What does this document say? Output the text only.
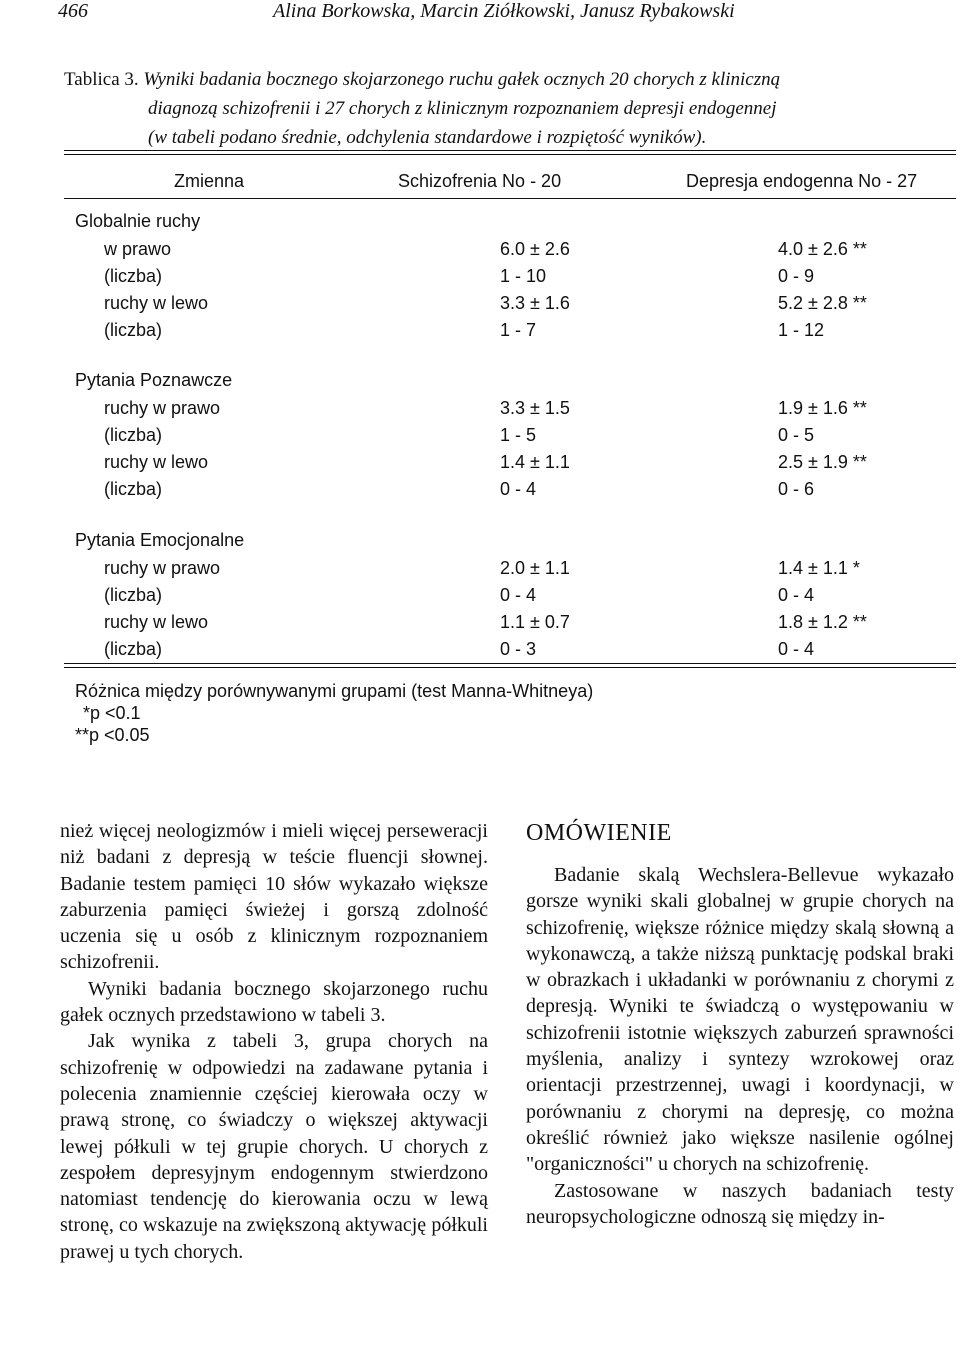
466	Alina Borkowska, Marcin Ziółkowski, Janusz Rybakowski
Tablica 3. Wyniki badania bocznego skojarzonego ruchu gałek ocznych 20 chorych z kliniczną
diagnozą schizofrenii i 27 chorych z klinicznym rozpoznaniem depresji endogennej
(w tabeli podano średnie, odchylenia standardowe i rozpiętość wyników).
Zmienna	Schizofrenia No - 20	Depresja endogenna No - 27
Globalnie ruchy
w prawo	6.0 ± 2.6	4.0 ± 2.6 **
(liczba)	1 - 10	0 - 9
ruchy w lewo	3.3 ± 1.6	5.2 ± 2.8 **
(liczba)	1 - 7	1 - 12
Pytania Poznawcze
ruchy w prawo	3.3 ± 1.5	1.9 ± 1.6 **
(liczba)	1 - 5	0 - 5
ruchy w lewo	1.4 ± 1.1	2.5 ± 1.9 **
(liczba)	0 - 4	0 - 6
Pytania Emocjonalne
ruchy w prawo	2.0 ± 1.1	1.4 ± 1.1 *
(liczba)	0 - 4	0 - 4
ruchy w lewo	1.1 ± 0.7	1.8 ± 1.2 **
(liczba)	0 - 3	0 - 4
Różnica między porównywanymi grupami (test Manna-Whitneya)
*p <0.1
**p <0.05

nież więcej neologizmów i mieli więcej perseweracji niż badani z depresją w teście fluencji słownej. Badanie testem pamięci 10 słów wykazało większe zaburzenia pamięci świeżej i gorszą zdolność uczenia się u osób z klinicznym rozpoznaniem schizofrenii.

Wyniki badania bocznego skojarzonego ruchu gałek ocznych przedstawiono w tabeli 3.

Jak wynika z tabeli 3, grupa chorych na schizofrenię w odpowiedzi na zadawane pytania i polecenia znamiennie częściej kierowała oczy w prawą stronę, co świadczy o większej aktywacji lewej półkuli w tej grupie chorych. U chorych z zespołem depresyjnym endogennym stwierdzono natomiast tendencję do kierowania oczu w lewą stronę, co wskazuje na zwiększoną aktywację półkuli prawej u tych chorych.

OMÓWIENIE

Badanie skalą Wechslera-Bellevue wykazało gorsze wyniki skali globalnej w grupie chorych na schizofrenię, większe różnice między skalą słowną a wykonawczą, a także niższą punktację podskal braki w obrazkach i układanki w porównaniu z chorymi z depresją. Wyniki te świadczą o występowaniu w schizofrenii istotnie większych zaburzeń sprawności myślenia, analizy i syntezy wzrokowej oraz orientacji przestrzennej, uwagi i koordynacji, w porównaniu z chorymi na depresję, co można określić również jako większe nasilenie ogólnej "organiczności" u chorych na schizofrenię.

Zastosowane w naszych badaniach testy neuropsychologiczne odnoszą się między in-
